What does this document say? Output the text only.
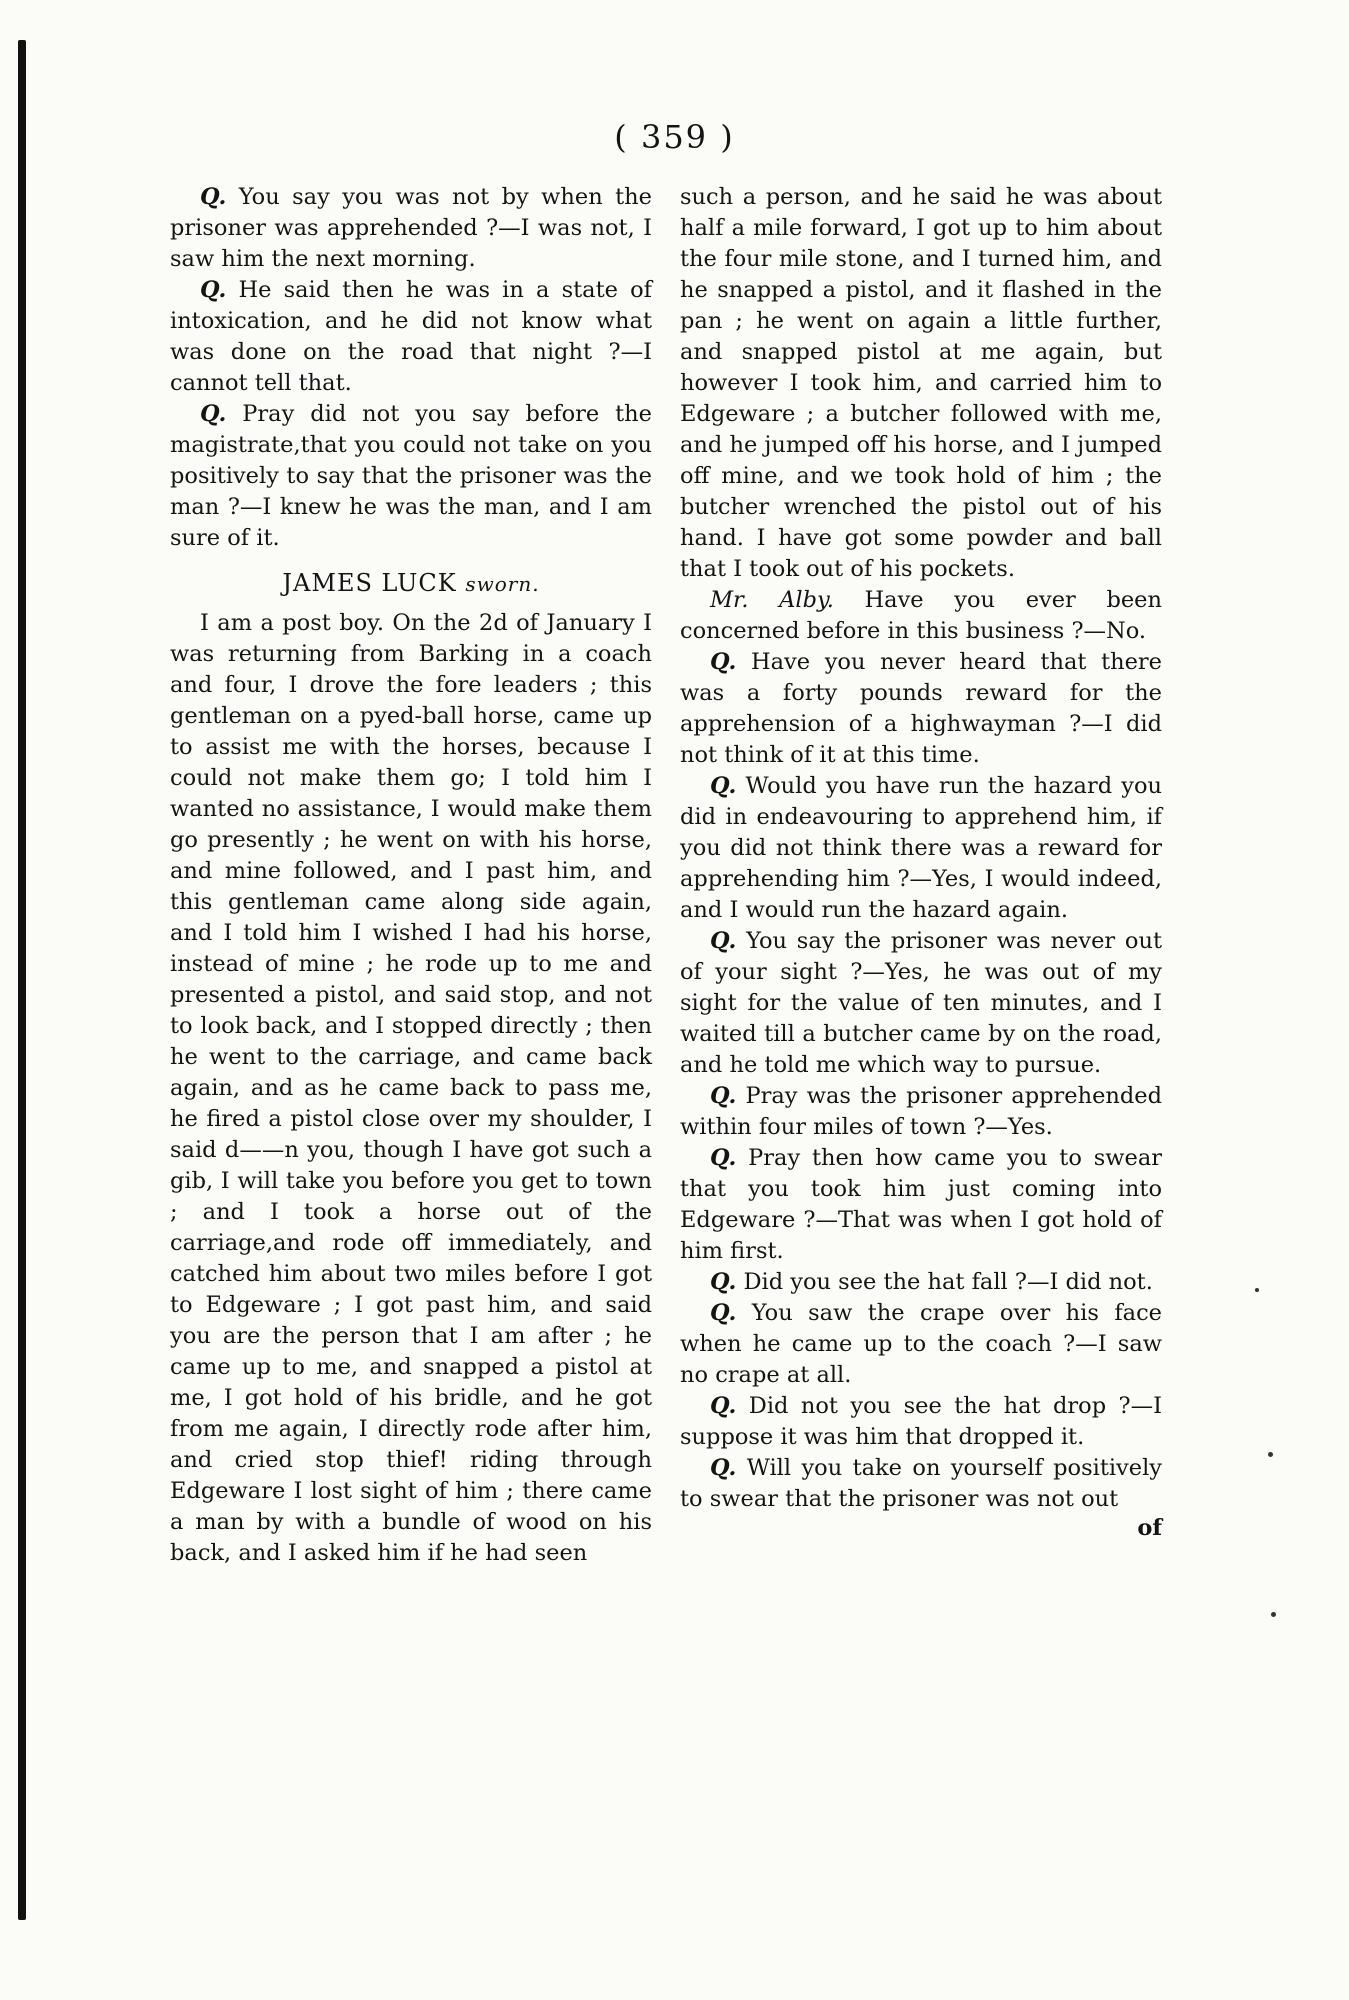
( 359 )

Q. You say you was not by when the prisoner was apprehended ?—I was not, I saw him the next morning.

Q. He said then he was in a state of intoxication, and he did not know what was done on the road that night ?—I cannot tell that.

Q. Pray did not you say before the magistrate,that you could not take on you positively to say that the prisoner was the man ?—I knew he was the man, and I am sure of it.

JAMES LUCK sworn.

I am a post boy. On the 2d of January I was returning from Barking in a coach and four, I drove the fore leaders ; this gentleman on a pyed-ball horse, came up to assist me with the horses, because I could not make them go; I told him I wanted no assistance, I would make them go presently ; he went on with his horse, and mine followed, and I past him, and this gentleman came along side again, and I told him I wished I had his horse, instead of mine ; he rode up to me and presented a pistol, and said stop, and not to look back, and I stopped directly ; then he went to the carriage, and came back again, and as he came back to pass me, he fired a pistol close over my shoulder, I said d——n you, though I have got such a gib, I will take you before you get to town ; and I took a horse out of the carriage,and rode off immediately, and catched him about two miles before I got to Edgeware ; I got past him, and said you are the person that I am after ; he came up to me, and snapped a pistol at me, I got hold of his bridle, and he got from me again, I directly rode after him, and cried stop thief! riding through Edgeware I lost sight of him ; there came a man by with a bundle of wood on his back, and I asked him if he had seen

such a person, and he said he was about half a mile forward, I got up to him about the four mile stone, and I turned him, and he snapped a pistol, and it flashed in the pan ; he went on again a little further, and snapped pistol at me again, but however I took him, and carried him to Edgeware ; a butcher followed with me, and he jumped off his horse, and I jumped off mine, and we took hold of him ; the butcher wrenched the pistol out of his hand. I have got some powder and ball that I took out of his pockets.

Mr. Alby. Have you ever been concerned before in this business ?—No.

Q. Have you never heard that there was a forty pounds reward for the apprehension of a highwayman ?—I did not think of it at this time.

Q. Would you have run the hazard you did in endeavouring to apprehend him, if you did not think there was a reward for apprehending him ?—Yes, I would indeed, and I would run the hazard again.

Q. You say the prisoner was never out of your sight ?—Yes, he was out of my sight for the value of ten minutes, and I waited till a butcher came by on the road, and he told me which way to pursue.

Q. Pray was the prisoner apprehended within four miles of town ?—Yes.

Q. Pray then how came you to swear that you took him just coming into Edgeware ?—That was when I got hold of him first.

Q. Did you see the hat fall ?—I did not.

Q. You saw the crape over his face when he came up to the coach ?—I saw no crape at all.

Q. Did not you see the hat drop ?—I suppose it was him that dropped it.

Q. Will you take on yourself positively to swear that the prisoner was not out

of
